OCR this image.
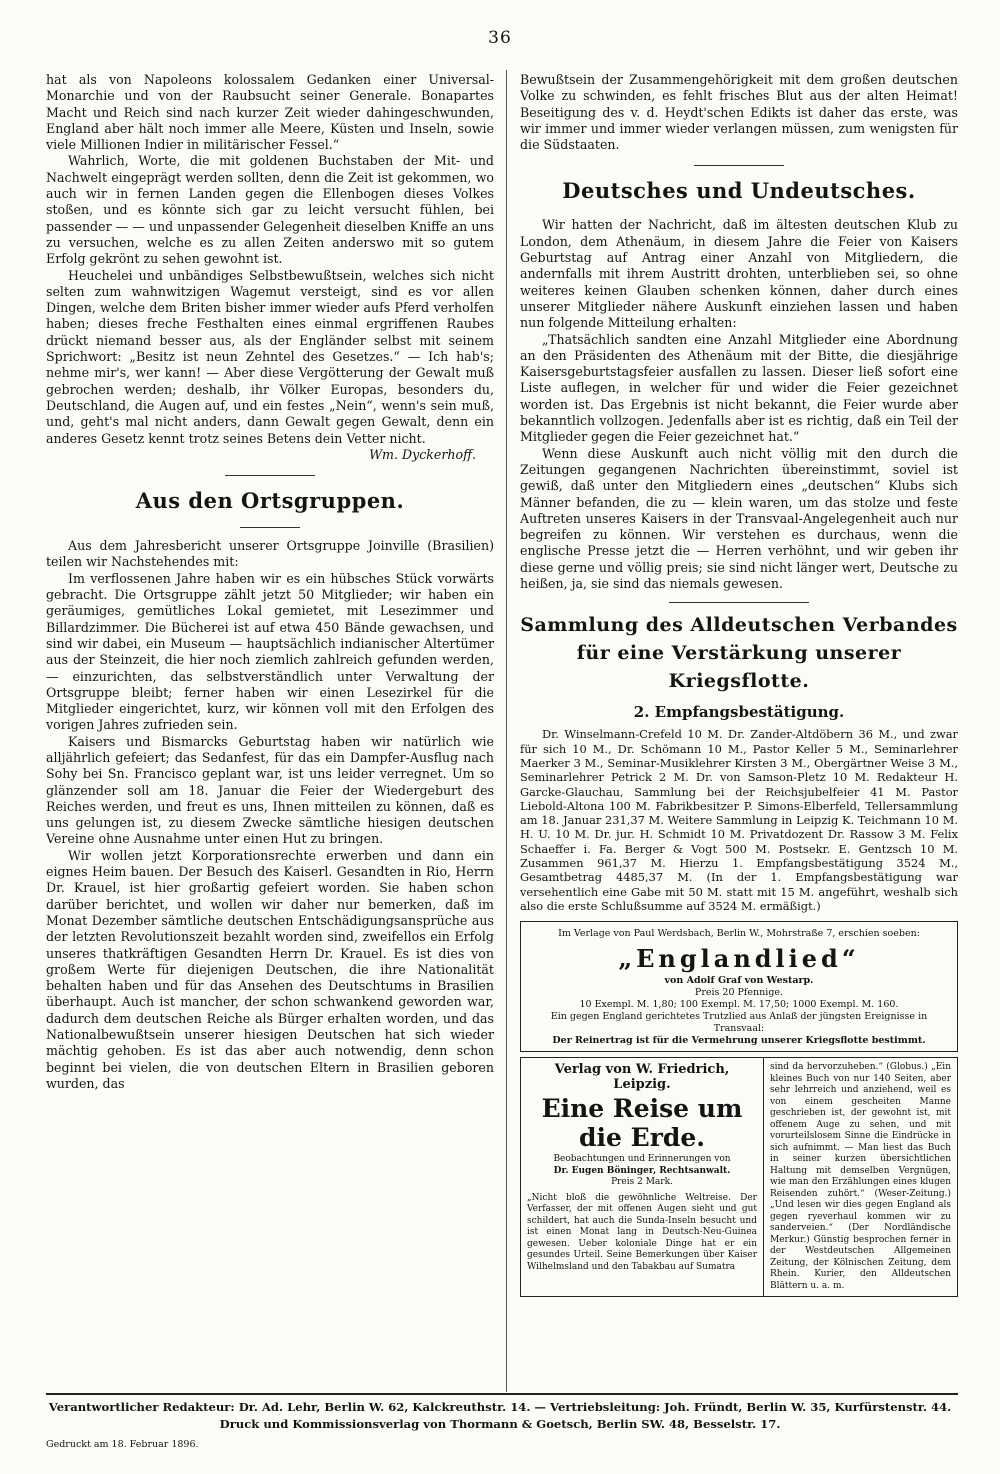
36

hat als von Napoleons kolossalem Gedanken einer Universal-Monarchie und von der Raubsucht seiner Generale. Bonapartes Macht und Reich sind nach kurzer Zeit wieder dahingeschwunden, England aber hält noch immer alle Meere, Küsten und Inseln, sowie viele Millionen Indier in militärischer Fessel.“

Wahrlich, Worte, die mit goldenen Buchstaben der Mit- und Nachwelt eingeprägt werden sollten, denn die Zeit ist gekommen, wo auch wir in fernen Landen gegen die Ellenbogen dieses Volkes stoßen, und es könnte sich gar zu leicht versucht fühlen, bei passender — — und unpassender Gelegenheit dieselben Kniffe an uns zu versuchen, welche es zu allen Zeiten anderswo mit so gutem Erfolg gekrönt zu sehen gewohnt ist.

Heuchelei und unbändiges Selbstbewußtsein, welches sich nicht selten zum wahnwitzigen Wagemut versteigt, sind es vor allen Dingen, welche dem Briten bisher immer wieder aufs Pferd verholfen haben; dieses freche Festhalten eines einmal ergriffenen Raubes drückt niemand besser aus, als der Engländer selbst mit seinem Sprichwort: „Besitz ist neun Zehntel des Gesetzes.“ — Ich hab's; nehme mir's, wer kann! — Aber diese Vergötterung der Gewalt muß gebrochen werden; deshalb, ihr Völker Europas, besonders du, Deutschland, die Augen auf, und ein festes „Nein“, wenn's sein muß, und, geht's mal nicht anders, dann Gewalt gegen Gewalt, denn ein anderes Gesetz kennt trotz seines Betens dein Vetter nicht.

Wm. Dyckerhoff.

Aus den Ortsgruppen.

Aus dem Jahresbericht unserer Ortsgruppe Joinville (Brasilien) teilen wir Nachstehendes mit:

Im verflossenen Jahre haben wir es ein hübsches Stück vorwärts gebracht. Die Ortsgruppe zählt jetzt 50 Mitglieder; wir haben ein geräumiges, gemütliches Lokal gemietet, mit Lesezimmer und Billardzimmer. Die Bücherei ist auf etwa 450 Bände gewachsen, und sind wir dabei, ein Museum — hauptsächlich indianischer Altertümer aus der Steinzeit, die hier noch ziemlich zahlreich gefunden werden, — einzurichten, das selbstverständlich unter Verwaltung der Ortsgruppe bleibt; ferner haben wir einen Lesezirkel für die Mitglieder eingerichtet, kurz, wir können voll mit den Erfolgen des vorigen Jahres zufrieden sein.

Kaisers und Bismarcks Geburtstag haben wir natürlich wie alljährlich gefeiert; das Sedanfest, für das ein Dampfer-Ausflug nach Sohy bei Sn. Francisco geplant war, ist uns leider verregnet. Um so glänzender soll am 18. Januar die Feier der Wiedergeburt des Reiches werden, und freut es uns, Ihnen mitteilen zu können, daß es uns gelungen ist, zu diesem Zwecke sämtliche hiesigen deutschen Vereine ohne Ausnahme unter einen Hut zu bringen.

Wir wollen jetzt Korporationsrechte erwerben und dann ein eignes Heim bauen. Der Besuch des Kaiserl. Gesandten in Rio, Herrn Dr. Krauel, ist hier großartig gefeiert worden. Sie haben schon darüber berichtet, und wollen wir daher nur bemerken, daß im Monat Dezember sämtliche deutschen Entschädigungsansprüche aus der letzten Revolutionszeit bezahlt worden sind, zweifellos ein Erfolg unseres thatkräftigen Gesandten Herrn Dr. Krauel. Es ist dies von großem Werte für diejenigen Deutschen, die ihre Nationalität behalten haben und für das Ansehen des Deutschtums in Brasilien überhaupt. Auch ist mancher, der schon schwankend geworden war, dadurch dem deutschen Reiche als Bürger erhalten worden, und das Nationalbewußtsein unserer hiesigen Deutschen hat sich wieder mächtig gehoben. Es ist das aber auch notwendig, denn schon beginnt bei vielen, die von deutschen Eltern in Brasilien geboren wurden, das

Bewußtsein der Zusammengehörigkeit mit dem großen deutschen Volke zu schwinden, es fehlt frisches Blut aus der alten Heimat! Beseitigung des v. d. Heydt'schen Edikts ist daher das erste, was wir immer und immer wieder verlangen müssen, zum wenigsten für die Südstaaten.

Deutsches und Undeutsches.

Wir hatten der Nachricht, daß im ältesten deutschen Klub zu London, dem Athenäum, in diesem Jahre die Feier von Kaisers Geburtstag auf Antrag einer Anzahl von Mitgliedern, die andernfalls mit ihrem Austritt drohten, unterblieben sei, so ohne weiteres keinen Glauben schenken können, daher durch eines unserer Mitglieder nähere Auskunft einziehen lassen und haben nun folgende Mitteilung erhalten:

„Thatsächlich sandten eine Anzahl Mitglieder eine Abordnung an den Präsidenten des Athenäum mit der Bitte, die diesjährige Kaisersgeburtstagsfeier ausfallen zu lassen. Dieser ließ sofort eine Liste auflegen, in welcher für und wider die Feier gezeichnet worden ist. Das Ergebnis ist nicht bekannt, die Feier wurde aber bekanntlich vollzogen. Jedenfalls aber ist es richtig, daß ein Teil der Mitglieder gegen die Feier gezeichnet hat.“

Wenn diese Auskunft auch nicht völlig mit den durch die Zeitungen gegangenen Nachrichten übereinstimmt, soviel ist gewiß, daß unter den Mitgliedern eines „deutschen“ Klubs sich Männer befanden, die zu — klein waren, um das stolze und feste Auftreten unseres Kaisers in der Transvaal-Angelegenheit auch nur begreifen zu können. Wir verstehen es durchaus, wenn die englische Presse jetzt die — Herren verhöhnt, und wir geben ihr diese gerne und völlig preis; sie sind nicht länger wert, Deutsche zu heißen, ja, sie sind das niemals gewesen.

Sammlung des Alldeutschen Verbandes für eine Verstärkung unserer Kriegsflotte.
2. Empfangsbestätigung.

Dr. Winselmann-Crefeld 10 M. Dr. Zander-Altdöbern 36 M., und zwar für sich 10 M., Dr. Schömann 10 M., Pastor Keller 5 M., Seminarlehrer Maerker 3 M., Seminar-Musiklehrer Kirsten 3 M., Obergärtner Weise 3 M., Seminarlehrer Petrick 2 M. Dr. von Samson-Pletz 10 M. Redakteur H. Garcke-Glauchau, Sammlung bei der Reichsjubelfeier 41 M. Pastor Liebold-Altona 100 M. Fabrikbesitzer P. Simons-Elberfeld, Tellersammlung am 18. Januar 231,37 M. Weitere Sammlung in Leipzig K. Teichmann 10 M. H. U. 10 M. Dr. jur. H. Schmidt 10 M. Privatdozent Dr. Rassow 3 M. Felix Schaeffer i. Fa. Berger & Vogt 500 M. Postsekr. E. Gentzsch 10 M. Zusammen 961,37 M. Hierzu 1. Empfangsbestätigung 3524 M., Gesamtbetrag 4485,37 M. (In der 1. Empfangsbestätigung war versehentlich eine Gabe mit 50 M. statt mit 15 M. angeführt, weshalb sich also die erste Schlußsumme auf 3524 M. ermäßigt.)

Im Verlage von Paul Werdsbach, Berlin W., Mohrstraße 7, erschien soeben:
„Englandlied“
von Adolf Graf von Westarp.
Preis 20 Pfennige.
10 Exempl. M. 1,80; 100 Exempl. M. 17,50; 1000 Exempl. M. 160.
Ein gegen England gerichtetes Trutzlied aus Anlaß der jüngsten Ereignisse in Transvaal:
Der Reinertrag ist für die Vermehrung unserer Kriegsflotte bestimmt.
Verlag von W. Friedrich, Leipzig.
Eine Reise um die Erde.
Beobachtungen und Erinnerungen von
Dr. Eugen Böninger, Rechtsanwalt.
Preis 2 Mark.
„Nicht bloß die gewöhnliche Weltreise. Der Verfasser, der mit offenen Augen sieht und gut schildert, hat auch die Sunda-Inseln besucht und ist einen Monat lang in Deutsch-Neu-Guinea gewesen. Ueber koloniale Dinge hat er ein gesundes Urteil. Seine Bemerkungen über Kaiser Wilhelmsland und den Tabakbau auf Sumatra
sind da hervorzuheben.“ (Globus.) „Ein kleines Buch von nur 140 Seiten, aber sehr lehrreich und anziehend, weil es von einem gescheiten Manne geschrieben ist, der gewohnt ist, mit offenem Auge zu sehen, und mit vorurteilslosem Sinne die Eindrücke in sich aufnimmt. — Man liest das Buch in seiner kurzen übersichtlichen Haltung mit demselben Vergnügen, wie man den Erzählungen eines klugen Reisenden zuhört.“ (Weser-Zeitung.) „Und lesen wir dies gegen England als gegen ryeverhaul kommen wir zu sanderveien.“ (Der Nordländische Merkur.) Günstig besprochen ferner in der Westdeutschen Allgemeinen Zeitung, der Kölnischen Zeitung, dem Rhein. Kurier, den Alldeutschen Blättern u. a. m.
Verantwortlicher Redakteur: Dr. Ad. Lehr, Berlin W. 62, Kalckreuthstr. 14. — Vertriebsleitung: Joh. Fründt, Berlin W. 35, Kurfürstenstr. 44.
Druck und Kommissionsverlag von Thormann & Goetsch, Berlin SW. 48, Besselstr. 17.
Gedruckt am 18. Februar 1896.
